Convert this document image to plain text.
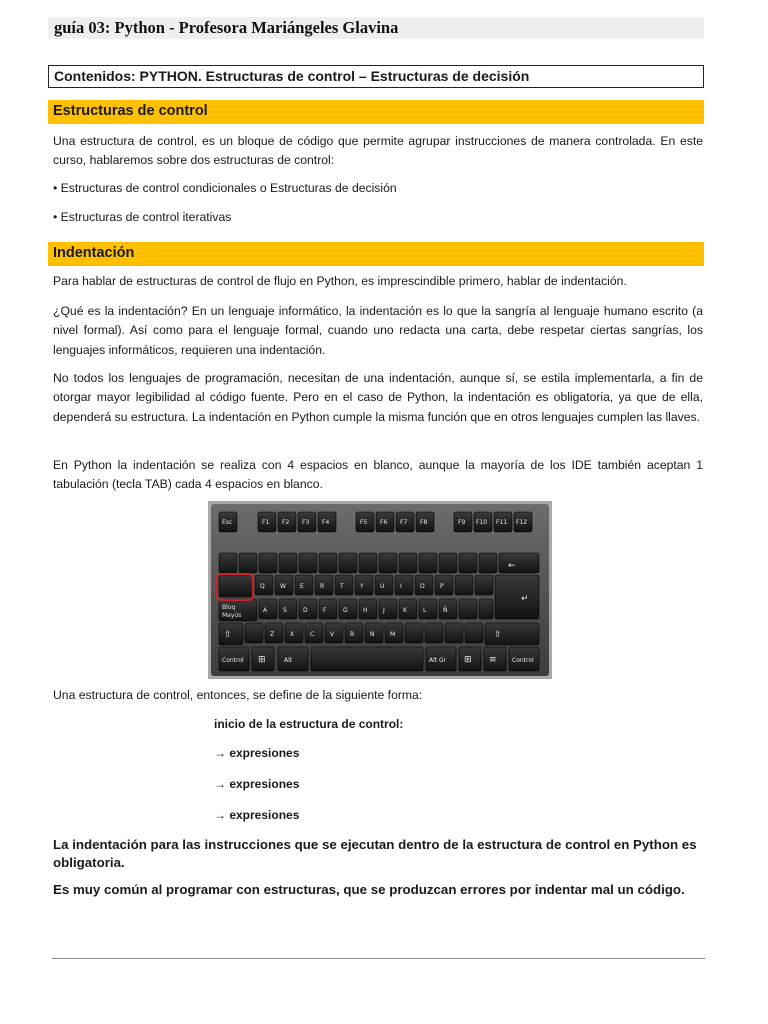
guía 03: Python - Profesora Mariángeles Glavina
Contenidos: PYTHON. Estructuras de control – Estructuras de decisión
Estructuras de control
Una estructura de control, es un bloque de código que permite agrupar instrucciones de manera controlada. En este curso, hablaremos sobre dos estructuras de control:
• Estructuras de control condicionales o Estructuras de decisión
• Estructuras de control iterativas
Indentación
Para hablar de estructuras de control de flujo en Python, es imprescindible primero, hablar de indentación.
¿Qué es la indentación? En un lenguaje informático, la indentación es lo que la sangría al lenguaje humano escrito (a nivel formal). Así como para el lenguaje formal, cuando uno redacta una carta, debe respetar ciertas sangrías, los lenguajes informáticos, requieren una indentación.
No todos los lenguajes de programación, necesitan de una indentación, aunque sí, se estila implementarla, a fin de otorgar mayor legibilidad al código fuente. Pero en el caso de Python, la indentación es obligatoria, ya que de ella, dependerá su estructura. La indentación en Python cumple la misma función que en otros lenguajes cumplen las llaves.
En Python la indentación se realiza con 4 espacios en blanco, aunque la mayoría de los IDE también aceptan 1 tabulación (tecla TAB) cada 4 espacios en blanco.
Esc	F1 F2 F3 F4	F5 F6 F7 F8	F9 F10 F11 F12
Q	W E	R	T	Y	U	I	O	P
Bloq
Mayús
A	S	D	F	G	H	J	K	L	Ñ
Z	X	C	V	B	N	M
Control	Alt	Alt Gr	Control
←
↵
⇧	⇧
⊞	⊞ ≡
Una estructura de control, entonces, se define de la siguiente forma:
inicio de la estructura de control:
→ expresiones
→ expresiones
→ expresiones
La indentación para las instrucciones que se ejecutan dentro de la estructura de control en Python es obligatoria.
Es muy común al programar con estructuras, que se produzcan errores por indentar mal un código.
